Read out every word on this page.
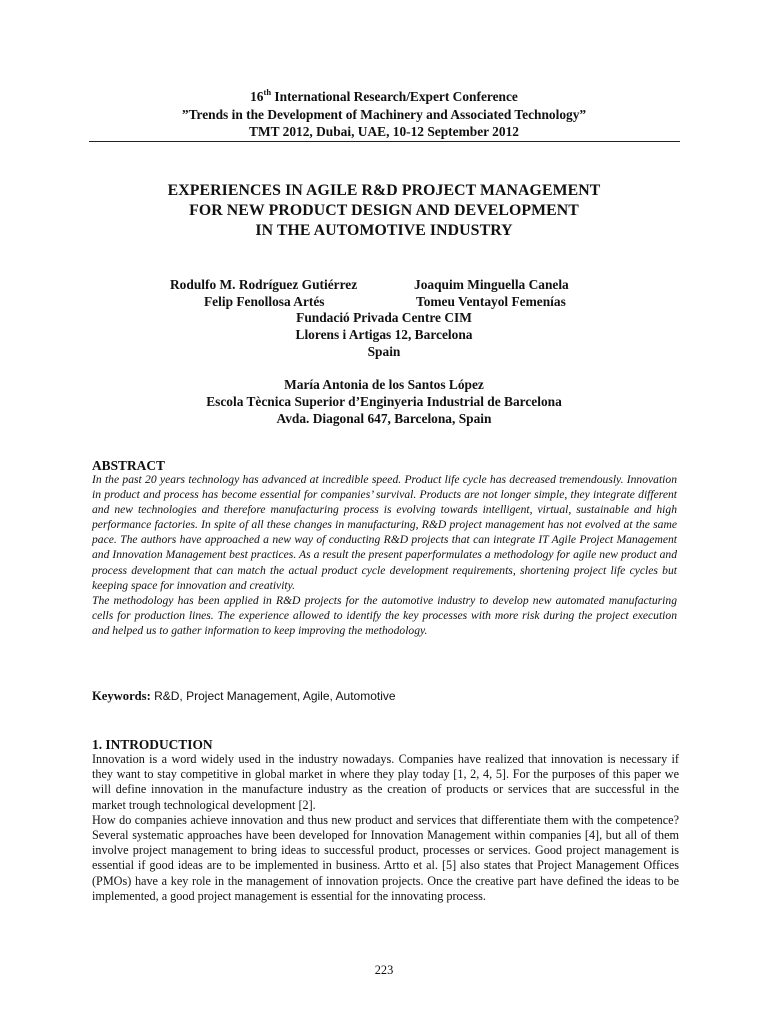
16th International Research/Expert Conference
”Trends in the Development of Machinery and Associated Technology”
TMT 2012, Dubai, UAE, 10-12 September 2012
EXPERIENCES IN AGILE R&D PROJECT MANAGEMENT
FOR NEW PRODUCT DESIGN AND DEVELOPMENT
IN THE AUTOMOTIVE INDUSTRY
Rodulfo M. Rodríguez Gutiérrez	Joaquim Minguella Canela
Felip Fenollosa Artés	Tomeu Ventayol Femenías
Fundació Privada Centre CIM
Llorens i Artigas 12, Barcelona
Spain
María Antonia de los Santos López
Escola Tècnica Superior d’Enginyeria Industrial de Barcelona
Avda. Diagonal 647, Barcelona, Spain
ABSTRACT

In the past 20 years technology has advanced at incredible speed. Product life cycle has decreased tremendously. Innovation in product and process has become essential for companies’ survival. Products are not longer simple, they integrate different and new technologies and therefore manufacturing process is evolving towards intelligent, virtual, sustainable and high performance factories. In spite of all these changes in manufacturing, R&D project management has not evolved at the same pace. The authors have approached a new way of conducting R&D projects that can integrate IT Agile Project Management and Innovation Management best practices. As a result the present paperformulates a methodology for agile new product and process development that can match the actual product cycle development requirements, shortening project life cycles but keeping space for innovation and creativity.

The methodology has been applied in R&D projects for the automotive industry to develop new automated manufacturing cells for production lines. The experience allowed to identify the key processes with more risk during the project execution and helped us to gather information to keep improving the methodology.

Keywords: R&D, Project Management, Agile, Automotive
1. INTRODUCTION

Innovation is a word widely used in the industry nowadays. Companies have realized that innovation is necessary if they want to stay competitive in global market in where they play today [1, 2, 4, 5]. For the purposes of this paper we will define innovation in the manufacture industry as the creation of products or services that are successful in the market trough technological development [2].

How do companies achieve innovation and thus new product and services that differentiate them with the competence? Several systematic approaches have been developed for Innovation Management within companies [4], but all of them involve project management to bring ideas to successful product, processes or services. Good project management is essential if good ideas are to be implemented in business. Artto et al. [5] also states that Project Management Offices (PMOs) have a key role in the management of innovation projects. Once the creative part have defined the ideas to be implemented, a good project management is essential for the innovating process.

223
